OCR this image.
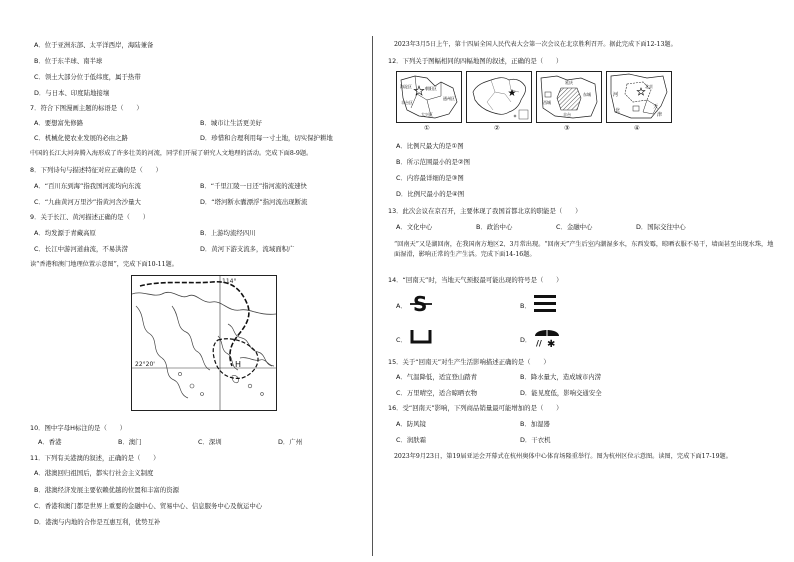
A．位于亚洲东部、太平洋西岸，海陆兼备
B．位于东半球、南半球
C．领土大部分位于低纬度，属于热带
D．与日本、印度陆地接壤
7．符合下图漫画主题的标语是（　　）
A．要想富先修路	B．城市让生活更美好
C．机械化使农业发展的必由之路	D．珍惜和合理利用每一寸土地，切实保护耕地
中国的长江大河奔腾入海形成了许多壮美的河流，同学们开展了研究人文地理的活动。完成下面8-9题。
8．下列诗句与描述特征对应正确的是（　　）
A．“百川东到海”指我国河流均向东流	B．“千里江陵一日还”指河流的流速快
C．“九曲黄河万里沙”指黄河含沙量大	D．“塔河断水囊漂浮”指河流出现断流
9．关于长江、黄河描述正确的是（　　）
A．均发源于青藏高原	B．上游均流经四川
C．长江中游河道曲流，不易洪涝	D．黄河下游支流多，流域面积广
读“香港和澳门地理位置示意图”，完成下面10-11题。
H
114°
22°20'
10．图中字母H标注的是（　　）
A．香港	B．澳门	C．深圳	D．广州
11．下列有关港澳的叙述，正确的是（　　）
A．港澳回归祖国后，都实行社会主义制度
B．港澳经济发展主要依赖优越的位置和丰富的资源
C．香港和澳门都是世界上重要的金融中心、贸易中心、信息服务中心及航运中心
D．港澳与内地的合作是互惠互利，优势互补
2023年3月5日上午，第十四届全国人民代表大会第一次会议在北京胜利召开。据此完成下面12-13题。
12．下列关于图幅相同的四幅地图的叙述，正确的是（　　）
海淀区	朝阳区
丰台区
大兴区
通州区
①	②
延庆
西城
东城
丰台
③
北京
河
北
天
津
④
A．比例尺最大的是①图
B．所示范围最小的是②图
C．内容最详细的是③图
D．比例尺最小的是④图
13．此次会议在京召开，主要体现了我国首都北京的职能是（　　）
A．文化中心	B．政治中心	C．金融中心	D．国际交往中心
“回南天”又是湖回南，在我国南方地区2、3月常出现。“回南天”产生后室内潮湿多水，东西发霉，晾晒衣服不易干，墙面甚至出现水珠，地面湿滑，影响正常的生产生活。完成下面14-16题。
14．“回南天”时，当地天气预报最可能出现的符号是（　　）
A． S	B．
C．	D． // ✱
15．关于“回南天”对生产生活影响描述正确的是（　　）
A．气温降低，适宜登山踏青	B．降水量大，造成城市内涝
C．万里晴空，适合晾晒衣物	D．能见度低，影响交通安全
16．受“回南天”影响，下列商品销量最可能增加的是（　　）
A．防风镜	B．加湿器
C．润肤霜	D．干衣机
2023年9月23日，第19届亚运会开幕式在杭州奥体中心体育场隆重举行。图为杭州区位示意图。读图，完成下面17-19题。
